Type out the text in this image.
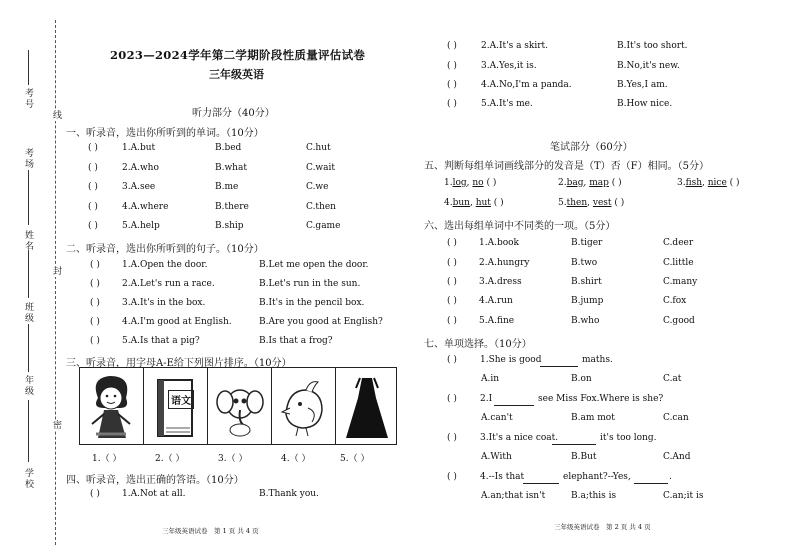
考号
考场
姓名
班级
年级
学校
线
封
密
2023—2024学年第二学期阶段性质量评估试卷
三年级英语
听力部分（40分）
一、听录音，选出你所听到的单词。（10分）
( )	1.A.but	B.bed	C.hut
( )	2.A.who	B.what	C.wait
( )	3.A.see	B.me	C.we
( )	4.A.where	B.there	C.then
( )	5.A.help	B.ship	C.game
二、听录音，选出你所听到的句子。（10分）
( ) 1.A.Open the door.	B.Let me open the door.
( ) 2.A.Let's run a race.	B.Let's run in the sun.
( ) 3.A.It's in the box.	B.It's in the pencil box.
( ) 4.A.I'm good at English.	B.Are you good at English?
( ) 5.A.Is that a pig?	B.Is that a frog?
三、听录音，用字母A-E给下列图片排序。（10分）
语文
1.（ ）	2.（ ）	3.（ ）	4.（ ）	5.（ ）
四、听录音，选出正确的答语。（10分）
( ) 1.A.Not at all.	B.Thank you.
三年级英语试卷　第 1 页 共 4 页
( )	2.A.It's a skirt.	B.It's too short.
( )	3.A.Yes,it is.	B.No,it's new.
( )	4.A.No,I'm a panda.	B.Yes,I am.
( )	5.A.It's me.	B.How nice.
笔试部分（60分）
五、判断每组单词画线部分的发音是（T）否（F）相同。（5分）
1.log, no ( )	2.bag, map ( )	3.fish, nice ( )
4.bun, hut ( )	5.then, vest ( )
六、选出每组单词中不同类的一项。（5分）
( ) 1.A.book	B.tiger	C.deer
( ) 2.A.hungry	B.two	C.little
( ) 3.A.dress	B.shirt	C.many
( ) 4.A.run	B.jump	C.fox
( ) 5.A.fine	B.who	C.good
七、单项选择。（10分）
( )	1.She is good	maths.
A.in	B.on	C.at
( )	2.I	see Miss Fox.Where is she?
A.can't	B.am mot	C.can
( )	3.It's a nice coat.	it's too long.
A.With	B.But	C.And
( )	4.--Is that	elephant?--Yes,	.
A.an;that isn't	B.a;this is	C.an;it is
三年级英语试卷　第 2 页 共 4 页
